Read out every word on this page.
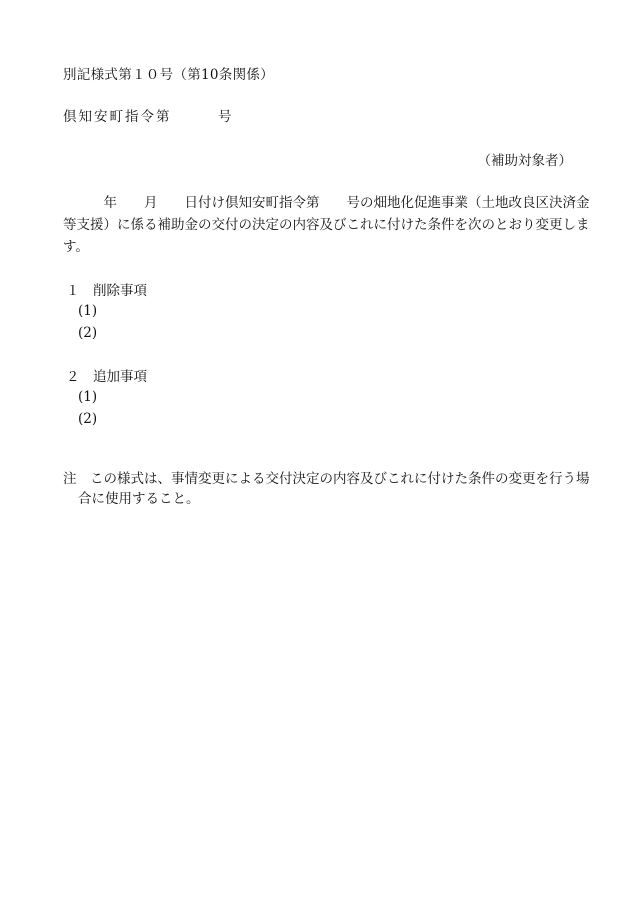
別記様式第１０号（第10条関係）
倶知安町指令第　　　号
（補助対象者）
　　　年　　月　　日付け倶知安町指令第　　号の畑地化促進事業（土地改良区決済金
等支援）に係る補助金の交付の決定の内容及びこれに付けた条件を次のとおり変更しま
す。
１　削除事項
(1)
(2)
２　追加事項
(1)
(2)
注　この様式は、事情変更による交付決定の内容及びこれに付けた条件の変更を行う場
合に使用すること。
